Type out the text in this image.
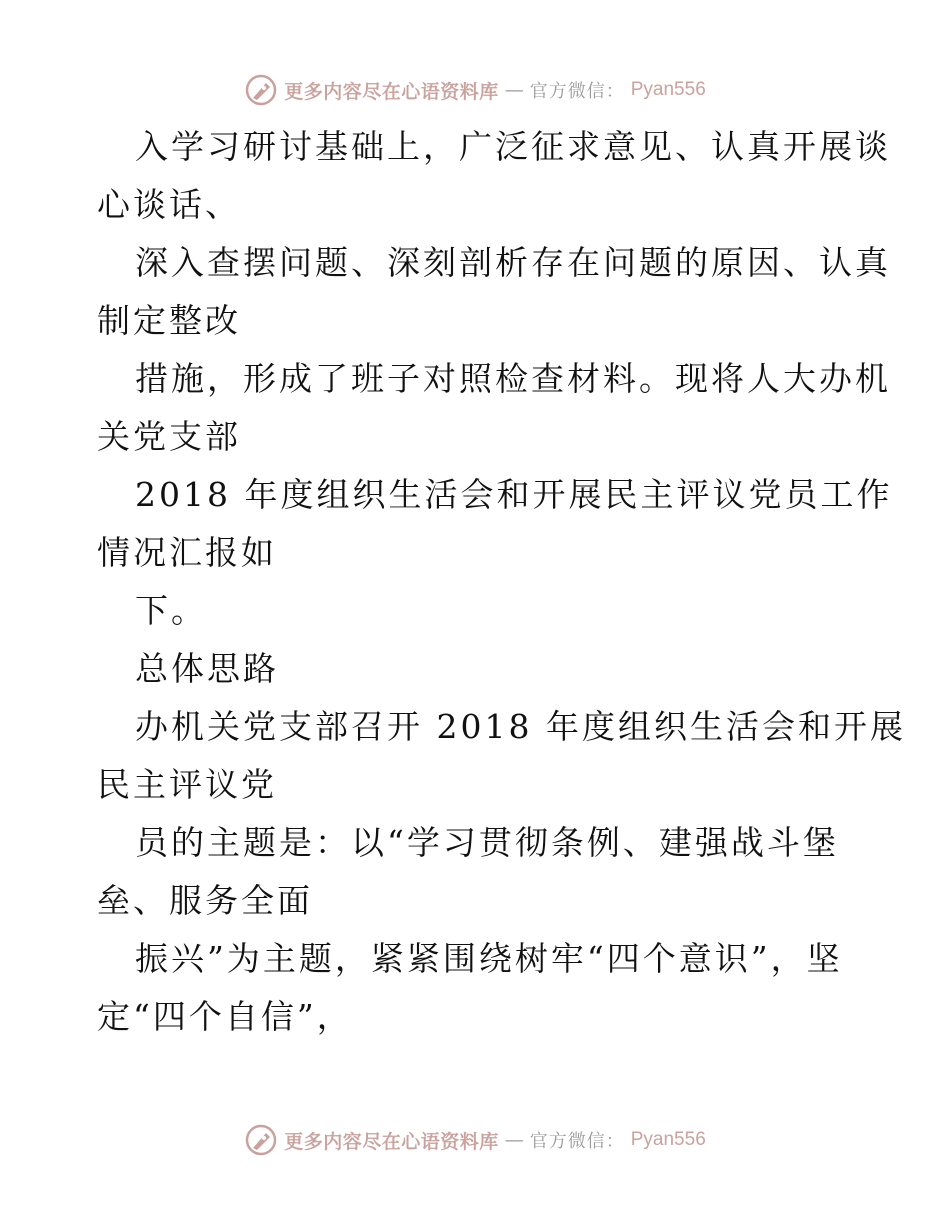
更多内容尽在心语资料库 — 官方微信： Pyan556
入学习研讨基础上，广泛征求意见、认真开展谈
心谈话、
深入查摆问题、深刻剖析存在问题的原因、认真
制定整改
措施，形成了班子对照检查材料。现将人大办机
关党支部
2018 年度组织生活会和开展民主评议党员工作
情况汇报如
下。
总体思路
办机关党支部召开 2018 年度组织生活会和开展
民主评议党
员的主题是：以“学习贯彻条例、建强战斗堡
垒、服务全面
振兴”为主题，紧紧围绕树牢“四个意识”，坚
定“四个自信”，
更多内容尽在心语资料库 — 官方微信： Pyan556
